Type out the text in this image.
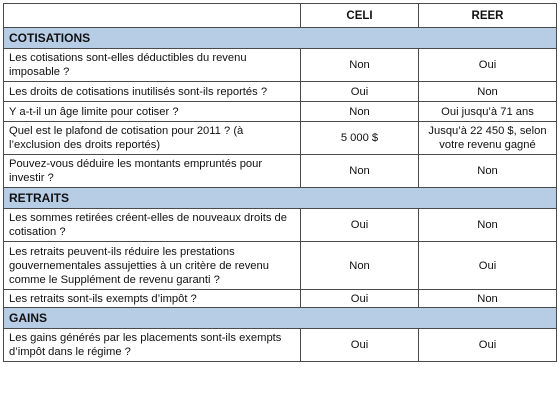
	CELI	REER
COTISATIONS		
Les cotisations sont-elles déductibles du revenu imposable ?	Non	Oui
Les droits de cotisations inutilisés sont-ils reportés ?	Oui	Non
Y a-t-il un âge limite pour cotiser ?	Non	Oui jusqu’à 71 ans
Quel est le plafond de cotisation pour 2011 ? (à l’exclusion des droits reportés)	5 000 $	Jusqu’à 22 450 $, selon votre revenu gagné
Pouvez-vous déduire les montants empruntés pour investir ?	Non	Non
RETRAITS		
Les sommes retirées créent-elles de nouveaux droits de cotisation ?	Oui	Non
Les retraits peuvent-ils réduire les prestations gouvernementales assujetties à un critère de revenu comme le Supplément de revenu garanti ?	Non	Oui
Les retraits sont-ils exempts d’impôt ?	Oui	Non
GAINS		
Les gains générés par les placements sont-ils exempts d’impôt dans le régime ?	Oui	Oui
